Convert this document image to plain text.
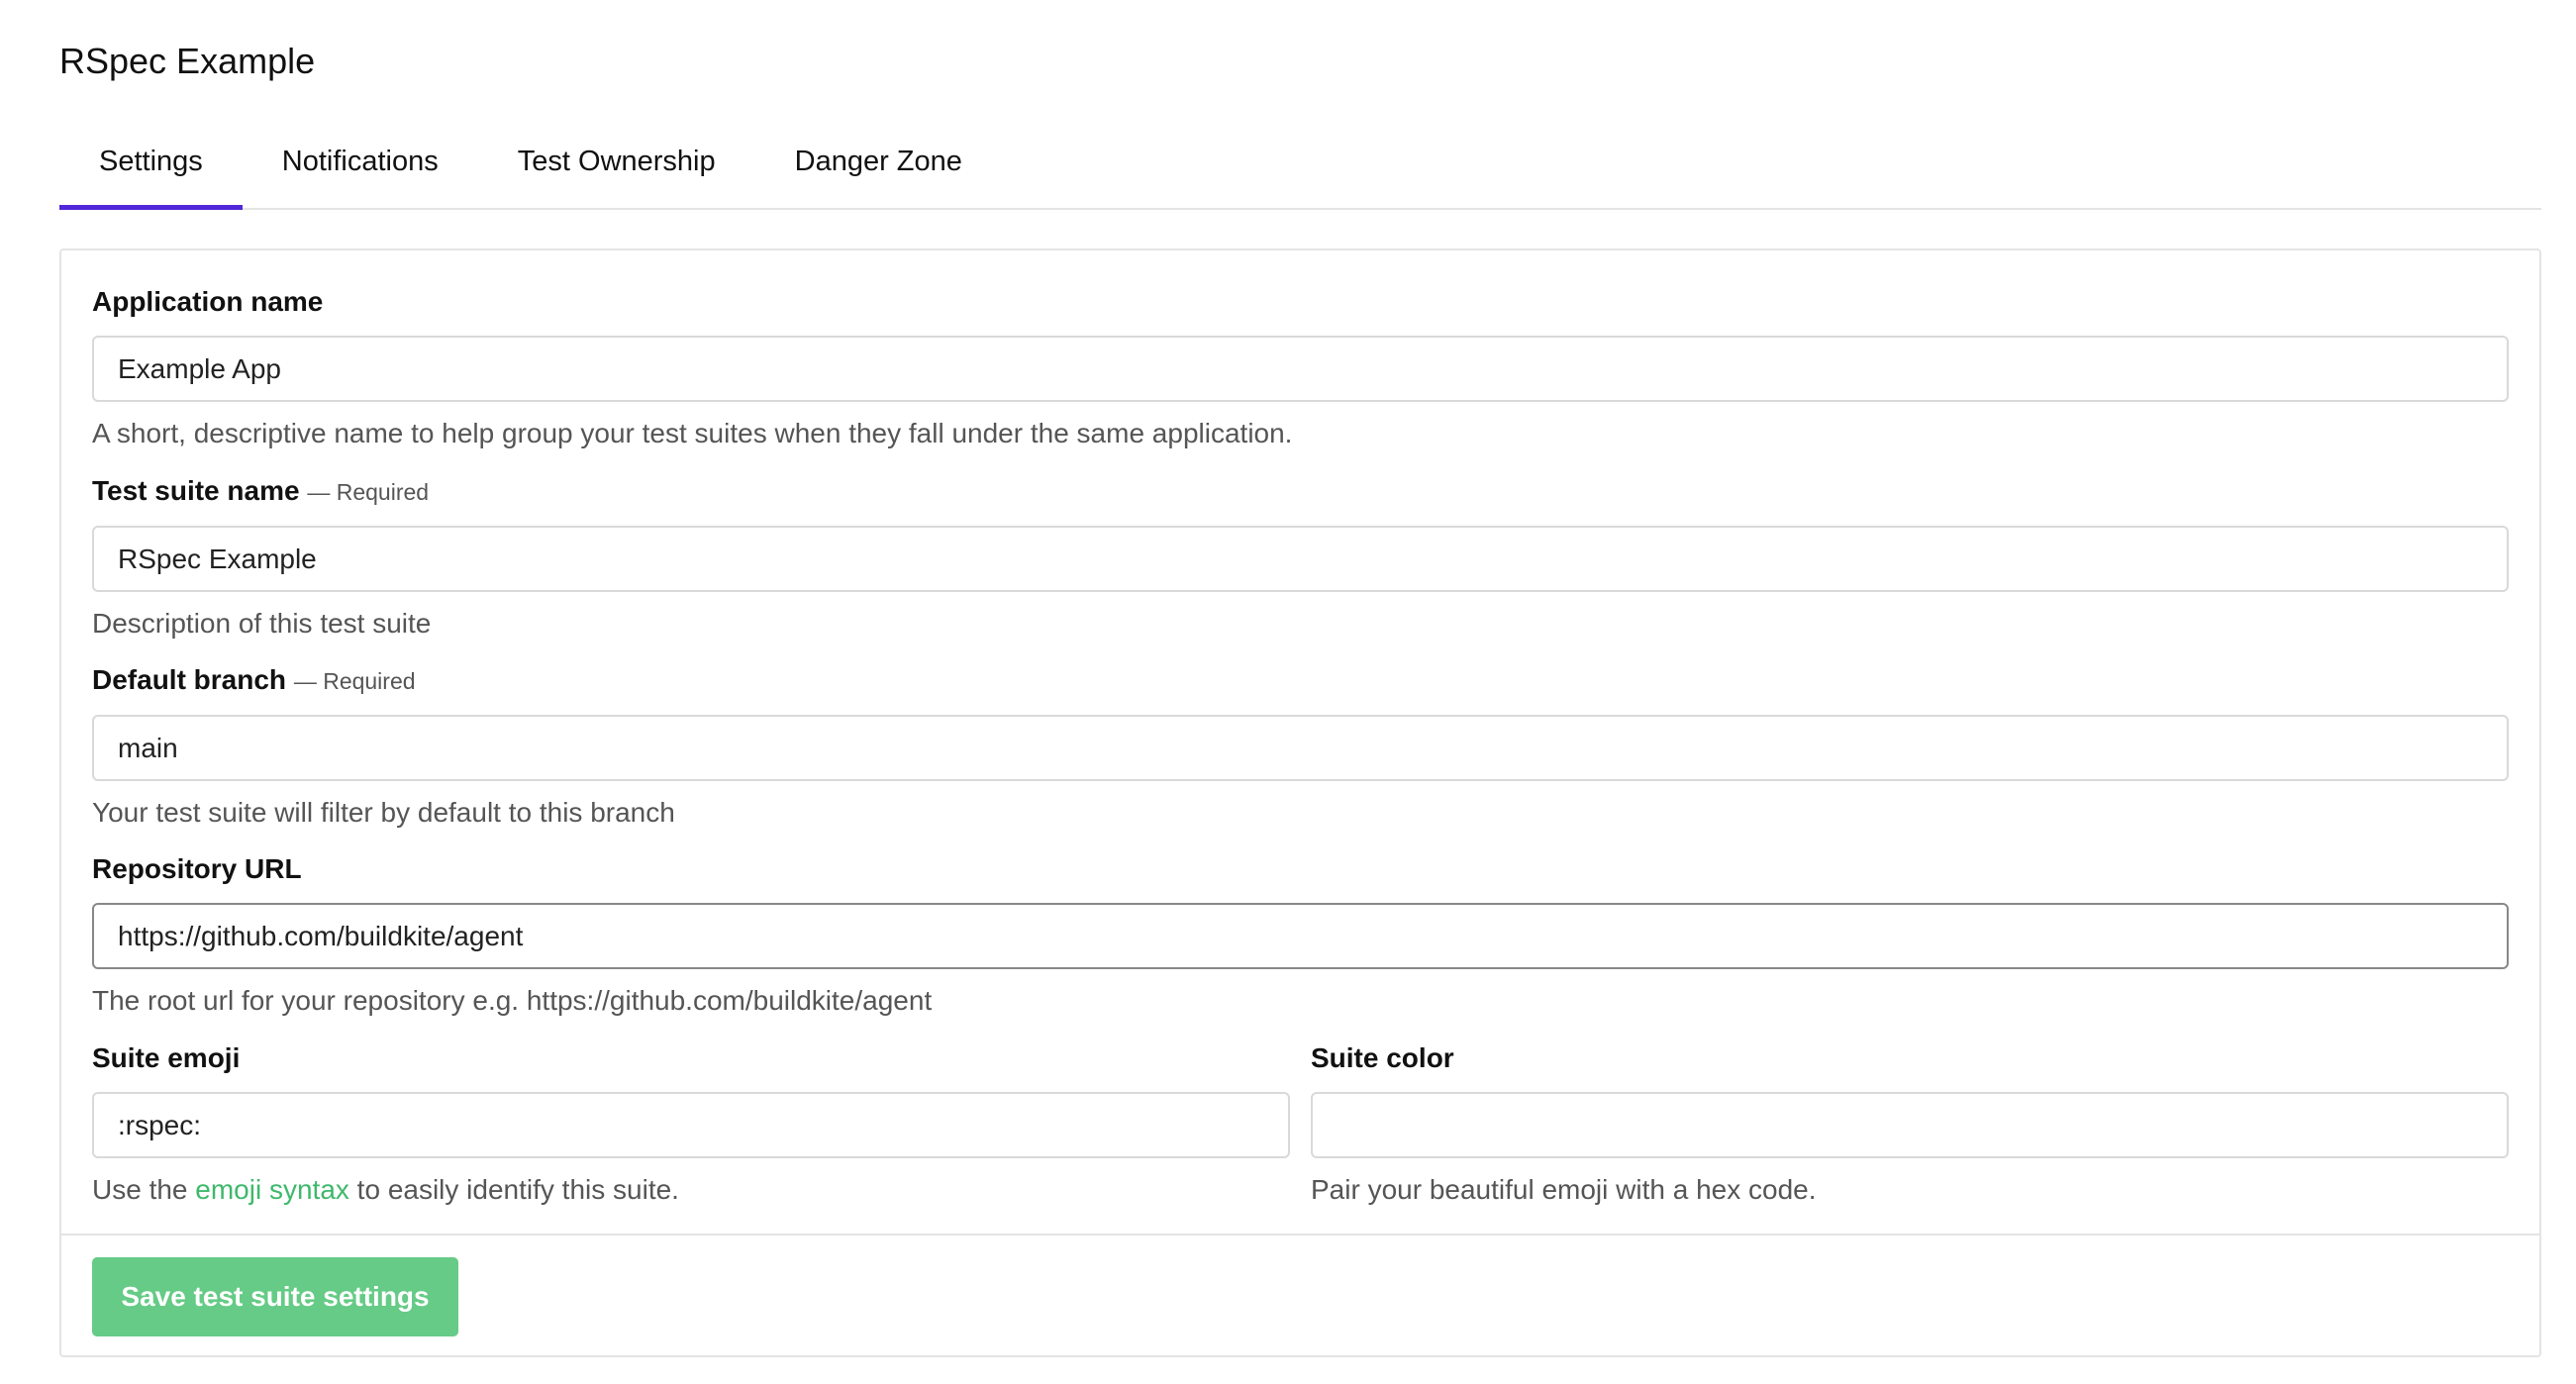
RSpec Example
Settings	Notifications	Test Ownership	Danger Zone
Application name
Example App
A short, descriptive name to help group your test suites when they fall under the same application.
Test suite name — Required
RSpec Example
Description of this test suite
Default branch — Required
main
Your test suite will filter by default to this branch
Repository URL
https://github.com/buildkite/agent
The root url for your repository e.g. https://github.com/buildkite/agent
Suite emoji
:rspec:
Use the emoji syntax to easily identify this suite.
Suite color
Pair your beautiful emoji with a hex code.
Save test suite settings
